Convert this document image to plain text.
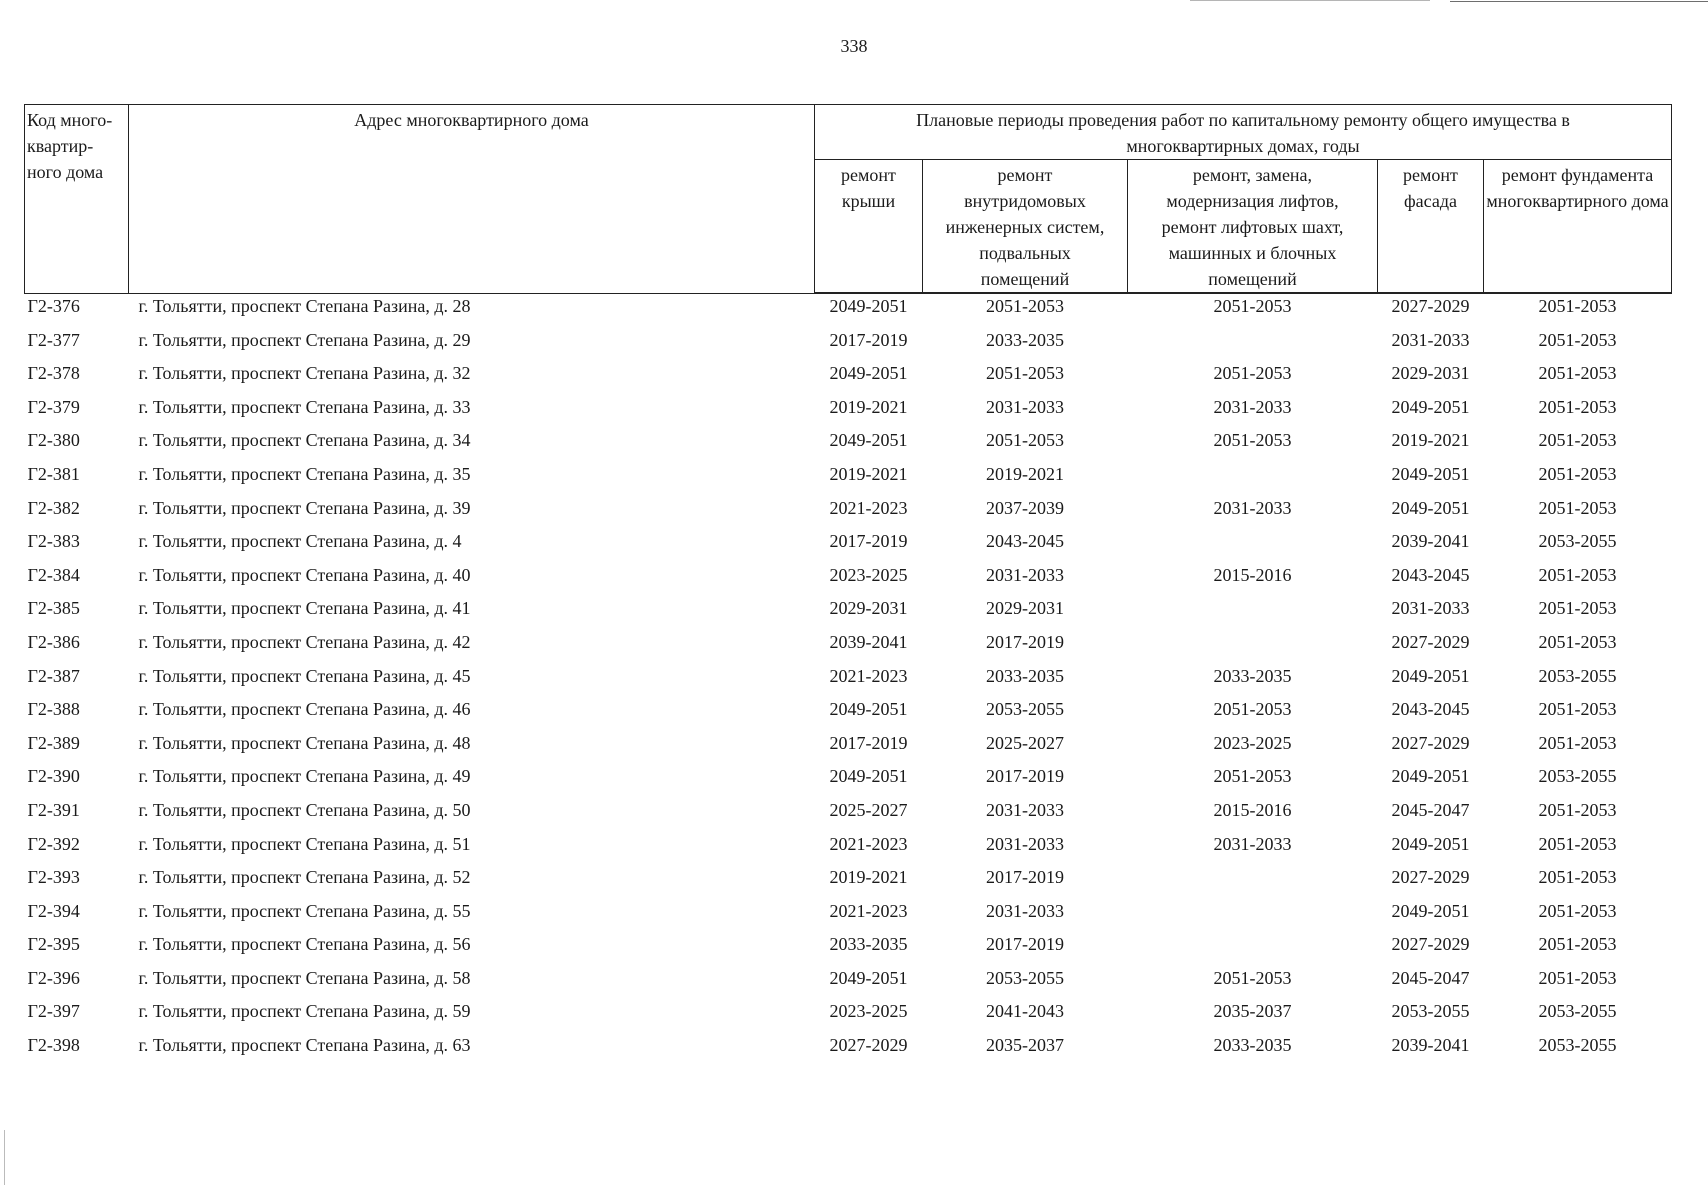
338
Код много-квартир-ного дома	Адрес многоквартирного дома	Плановые периоды проведения работ по капитальному ремонту общего имущества в многоквартирных домах, годы				
		ремонт крыши	ремонт внутридомовых инженерных систем, подвальных помещений	ремонт, замена, модернизация лифтов, ремонт лифтовых шахт, машинных и блочных помещений	ремонт фасада	ремонт фундамента многоквартирного дома
Г2-376	г. Тольятти, проспект Степана Разина, д. 28	2049-2051	2051-2053	2051-2053	2027-2029	2051-2053
Г2-377	г. Тольятти, проспект Степана Разина, д. 29	2017-2019	2033-2035		2031-2033	2051-2053
Г2-378	г. Тольятти, проспект Степана Разина, д. 32	2049-2051	2051-2053	2051-2053	2029-2031	2051-2053
Г2-379	г. Тольятти, проспект Степана Разина, д. 33	2019-2021	2031-2033	2031-2033	2049-2051	2051-2053
Г2-380	г. Тольятти, проспект Степана Разина, д. 34	2049-2051	2051-2053	2051-2053	2019-2021	2051-2053
Г2-381	г. Тольятти, проспект Степана Разина, д. 35	2019-2021	2019-2021		2049-2051	2051-2053
Г2-382	г. Тольятти, проспект Степана Разина, д. 39	2021-2023	2037-2039	2031-2033	2049-2051	2051-2053
Г2-383	г. Тольятти, проспект Степана Разина, д. 4	2017-2019	2043-2045		2039-2041	2053-2055
Г2-384	г. Тольятти, проспект Степана Разина, д. 40	2023-2025	2031-2033	2015-2016	2043-2045	2051-2053
Г2-385	г. Тольятти, проспект Степана Разина, д. 41	2029-2031	2029-2031		2031-2033	2051-2053
Г2-386	г. Тольятти, проспект Степана Разина, д. 42	2039-2041	2017-2019		2027-2029	2051-2053
Г2-387	г. Тольятти, проспект Степана Разина, д. 45	2021-2023	2033-2035	2033-2035	2049-2051	2053-2055
Г2-388	г. Тольятти, проспект Степана Разина, д. 46	2049-2051	2053-2055	2051-2053	2043-2045	2051-2053
Г2-389	г. Тольятти, проспект Степана Разина, д. 48	2017-2019	2025-2027	2023-2025	2027-2029	2051-2053
Г2-390	г. Тольятти, проспект Степана Разина, д. 49	2049-2051	2017-2019	2051-2053	2049-2051	2053-2055
Г2-391	г. Тольятти, проспект Степана Разина, д. 50	2025-2027	2031-2033	2015-2016	2045-2047	2051-2053
Г2-392	г. Тольятти, проспект Степана Разина, д. 51	2021-2023	2031-2033	2031-2033	2049-2051	2051-2053
Г2-393	г. Тольятти, проспект Степана Разина, д. 52	2019-2021	2017-2019		2027-2029	2051-2053
Г2-394	г. Тольятти, проспект Степана Разина, д. 55	2021-2023	2031-2033		2049-2051	2051-2053
Г2-395	г. Тольятти, проспект Степана Разина, д. 56	2033-2035	2017-2019		2027-2029	2051-2053
Г2-396	г. Тольятти, проспект Степана Разина, д. 58	2049-2051	2053-2055	2051-2053	2045-2047	2051-2053
Г2-397	г. Тольятти, проспект Степана Разина, д. 59	2023-2025	2041-2043	2035-2037	2053-2055	2053-2055
Г2-398	г. Тольятти, проспект Степана Разина, д. 63	2027-2029	2035-2037	2033-2035	2039-2041	2053-2055
